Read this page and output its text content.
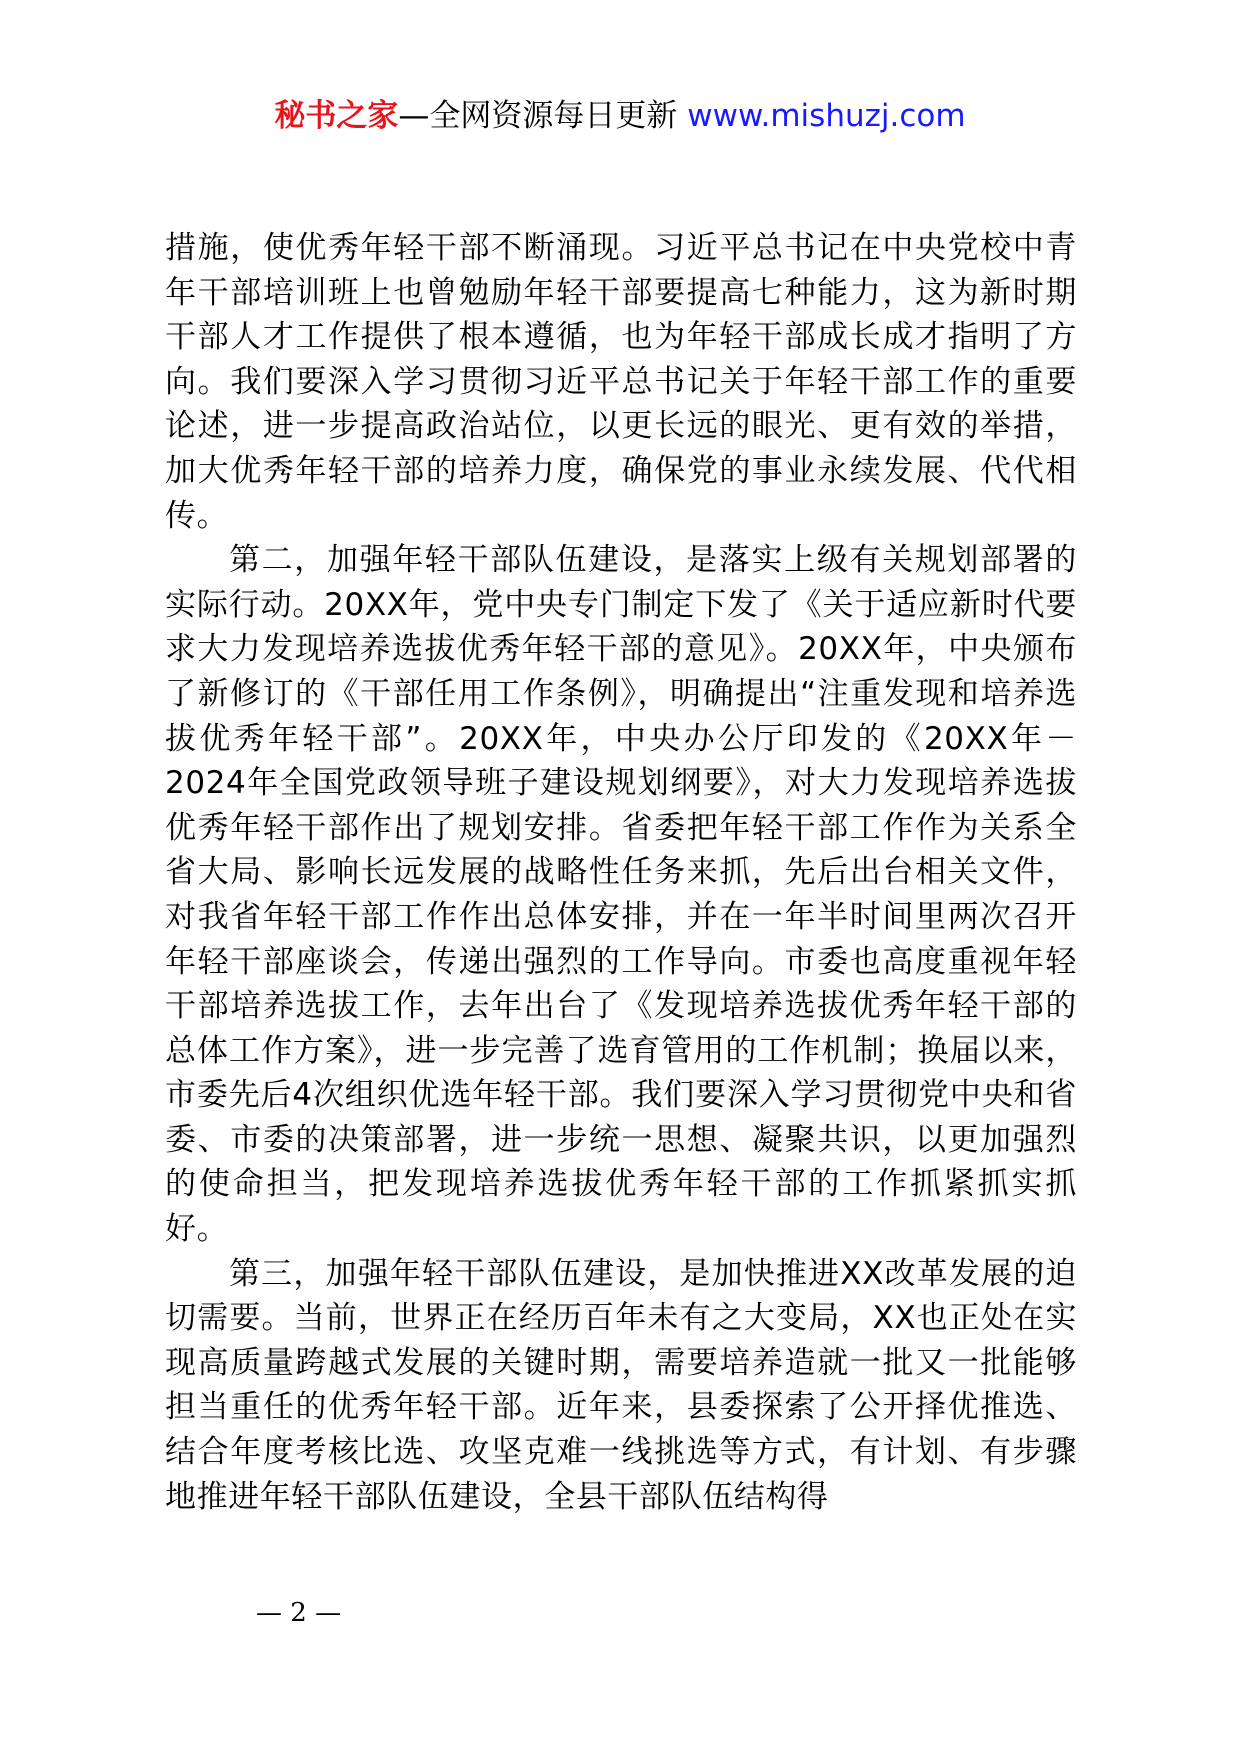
秘书之家—全网资源每日更新 www.mishuzj.com

措施，使优秀年轻干部不断涌现。习近平总书记在中央党校中青年干部培训班上也曾勉励年轻干部要提高七种能力，这为新时期干部人才工作提供了根本遵循，也为年轻干部成长成才指明了方向。我们要深入学习贯彻习近平总书记关于年轻干部工作的重要论述，进一步提高政治站位，以更长远的眼光、更有效的举措，加大优秀年轻干部的培养力度，确保党的事业永续发展、代代相传。

第二，加强年轻干部队伍建设，是落实上级有关规划部署的实际行动。20XX年，党中央专门制定下发了《关于适应新时代要求大力发现培养选拔优秀年轻干部的意见》。20XX年，中央颁布了新修订的《干部任用工作条例》，明确提出“注重发现和培养选拔优秀年轻干部”。20XX年，中央办公厅印发的《20XX年－2024年全国党政领导班子建设规划纲要》，对大力发现培养选拔优秀年轻干部作出了规划安排。省委把年轻干部工作作为关系全省大局、影响长远发展的战略性任务来抓，先后出台相关文件，对我省年轻干部工作作出总体安排，并在一年半时间里两次召开年轻干部座谈会，传递出强烈的工作导向。市委也高度重视年轻干部培养选拔工作，去年出台了《发现培养选拔优秀年轻干部的总体工作方案》，进一步完善了选育管用的工作机制；换届以来，市委先后4次组织优选年轻干部。我们要深入学习贯彻党中央和省委、市委的决策部署，进一步统一思想、凝聚共识，以更加强烈的使命担当，把发现培养选拔优秀年轻干部的工作抓紧抓实抓好。

第三，加强年轻干部队伍建设，是加快推进XX改革发展的迫切需要。当前，世界正在经历百年未有之大变局，XX也正处在实现高质量跨越式发展的关键时期，需要培养造就一批又一批能够担当重任的优秀年轻干部。近年来，县委探索了公开择优推选、结合年度考核比选、攻坚克难一线挑选等方式，有计划、有步骤地推进年轻干部队伍建设，全县干部队伍结构得

— 2 —
